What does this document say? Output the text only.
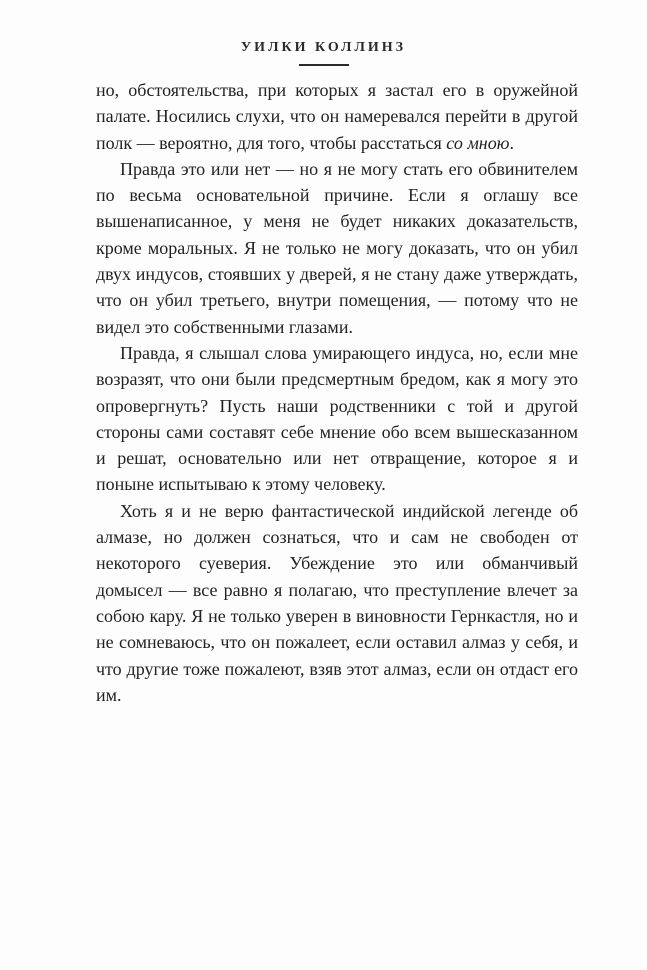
УИЛКИ КОЛЛИНЗ

но, обстоятельства, при которых я застал его в оружейной палате. Носились слухи, что он намеревался перейти в другой полк — вероятно, для того, чтобы расстаться со мною.

Правда это или нет — но я не могу стать его обвинителем по весьма основательной причине. Если я оглашу все вышенаписанное, у меня не будет никаких доказательств, кроме моральных. Я не только не могу доказать, что он убил двух индусов, стоявших у дверей, я не стану даже утверждать, что он убил третьего, внутри помещения, — потому что не видел это собственными глазами.

Правда, я слышал слова умирающего индуса, но, если мне возразят, что они были предсмертным бредом, как я могу это опровергнуть? Пусть наши родственники с той и другой стороны сами составят себе мнение обо всем вышесказанном и решат, основательно или нет отвращение, которое я и поныне испытываю к этому человеку.

Хоть я и не верю фантастической индийской легенде об алмазе, но должен сознаться, что и сам не свободен от некоторого суеверия. Убеждение это или обманчивый домысел — все равно я полагаю, что преступление влечет за собою кару. Я не только уверен в виновности Гернкастля, но и не сомневаюсь, что он пожалеет, если оставил алмаз у себя, и что другие тоже пожалеют, взяв этот алмаз, если он отдаст его им.
